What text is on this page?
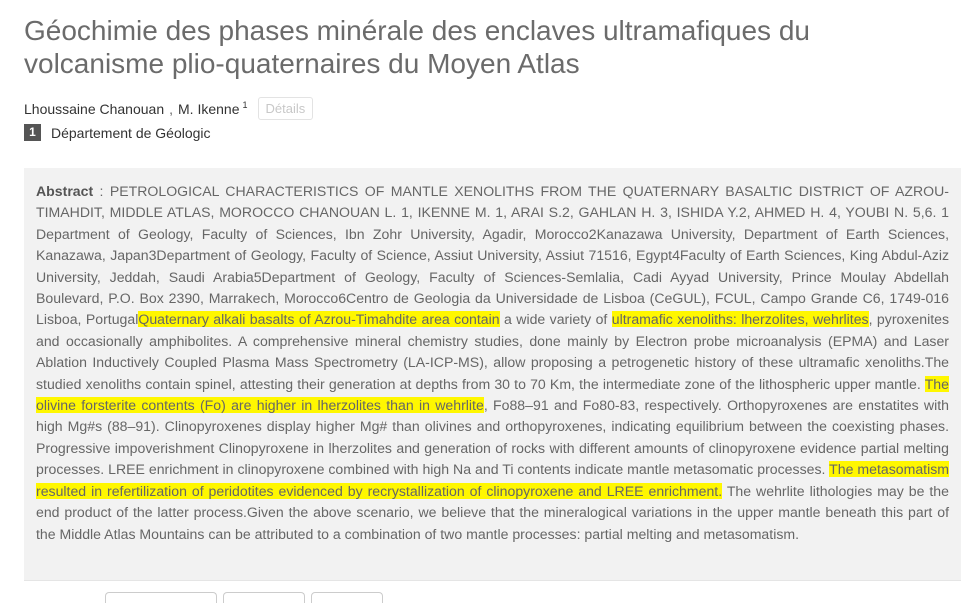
Géochimie des phases minérale des enclaves ultramafiques du volcanisme plio-quaternaires du Moyen Atlas
Lhoussaine Chanouan , M. Ikenne $^1$	Détails
1	Département de Géologic

Abstract : PETROLOGICAL CHARACTERISTICS OF MANTLE XENOLITHS FROM THE QUATERNARY BASALTIC DISTRICT OF AZROU- TIMAHDIT, MIDDLE ATLAS, MOROCCO CHANOUAN L. 1, IKENNE M. 1, ARAI S.2, GAHLAN H. 3, ISHIDA Y.2, AHMED H. 4, YOUBI N. 5,6. 1 Department of Geology, Faculty of Sciences, Ibn Zohr University, Agadir, Morocco2Kanazawa University, Department of Earth Sciences, Kanazawa, Japan3Department of Geology, Faculty of Science, Assiut University, Assiut 71516, Egypt4Faculty of Earth Sciences, King Abdul-Aziz University, Jeddah, Saudi Arabia5Department of Geology, Faculty of Sciences-Semlalia, Cadi Ayyad University, Prince Moulay Abdellah Boulevard, P.O. Box 2390, Marrakech, Morocco6Centro de Geologia da Universidade de Lisboa (CeGUL), FCUL, Campo Grande C6, 1749-016 Lisboa, PortugalQuaternary alkali basalts of Azrou-Timahdite area contain a wide variety of ultramafic xenoliths: lherzolites, wehrlites, pyroxenites and occasionally amphibolites. A comprehensive mineral chemistry studies, done mainly by Electron probe microanalysis (EPMA) and Laser Ablation Inductively Coupled Plasma Mass Spectrometry (LA-ICP-MS), allow proposing a petrogenetic history of these ultramafic xenoliths.The studied xenoliths contain spinel, attesting their generation at depths from 30 to 70 Km, the intermediate zone of the lithospheric upper mantle. The olivine forsterite contents (Fo) are higher in lherzolites than in wehrlite, Fo88–91 and Fo80-83, respectively. Orthopyroxenes are enstatites with high Mg#s (88–91). Clinopyroxenes display higher Mg# than olivines and orthopyroxenes, indicating equilibrium between the coexisting phases. Progressive impoverishment Clinopyroxene in lherzolites and generation of rocks with different amounts of clinopyroxene evidence partial melting processes. LREE enrichment in clinopyroxene combined with high Na and Ti contents indicate mantle metasomatic processes. The metasomatism resulted in refertilization of peridotites evidenced by recrystallization of clinopyroxene and LREE enrichment. The wehrlite lithologies may be the end product of the latter process.Given the above scenario, we believe that the mineralogical variations in the upper mantle beneath this part of the Middle Atlas Mountains can be attributed to a combination of two mantle processes: partial melting and metasomatism.
